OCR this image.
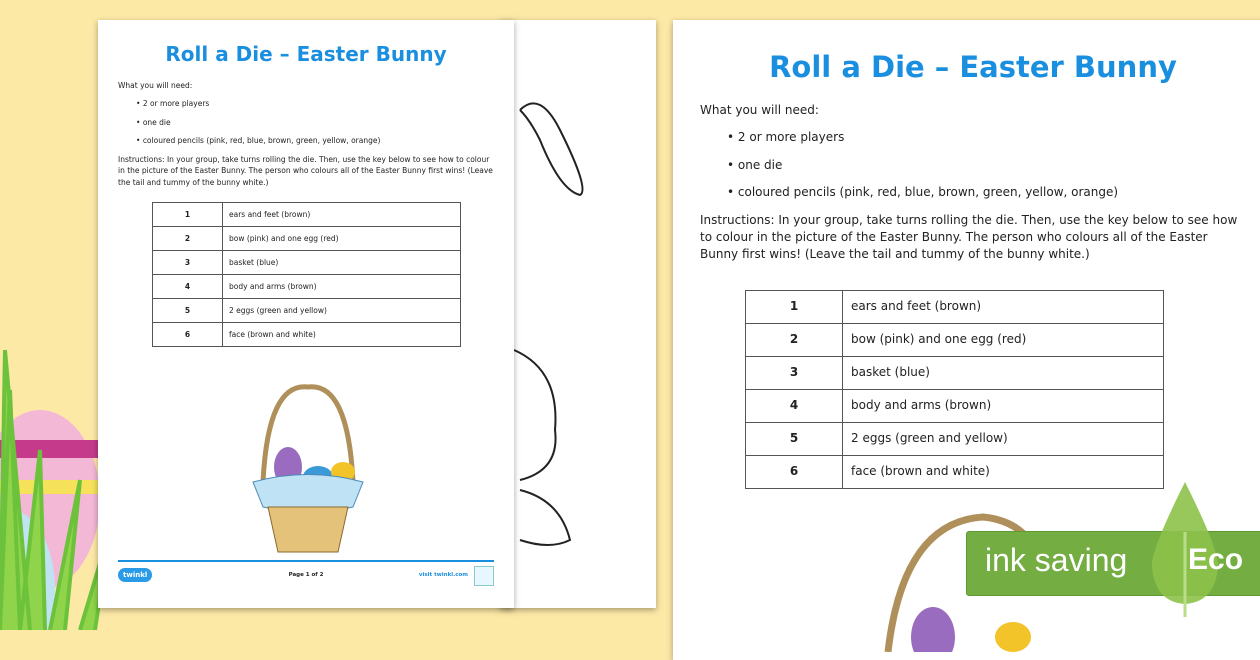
Roll a Die – Easter Bunny
What you will need:
• 2 or more players
• one die
• coloured pencils (pink, red, blue, brown, green, yellow, orange)
Instructions: In your group, take turns rolling the die. Then, use the key below to see how to colour in the picture of the Easter Bunny. The person who colours all of the Easter Bunny first wins! (Leave the tail and tummy of the bunny white.)
1	ears and feet (brown)
2	bow (pink) and one egg (red)
3	basket (blue)
4	body and arms (brown)
5	2 eggs (green and yellow)
6	face (brown and white)
twinkl	Page 1 of 2	visit twinkl.com
Roll a Die – Easter Bunny
What you will need:
• 2 or more players
• one die
• coloured pencils (pink, red, blue, brown, green, yellow, orange)
Instructions: In your group, take turns rolling the die. Then, use the key below to see how to colour in the picture of the Easter Bunny. The person who colours all of the Easter Bunny first wins! (Leave the tail and tummy of the bunny white.)
1	ears and feet (brown)
2	bow (pink) and one egg (red)
3	basket (blue)
4	body and arms (brown)
5	2 eggs (green and yellow)
6	face (brown and white)
ink saving Eco
